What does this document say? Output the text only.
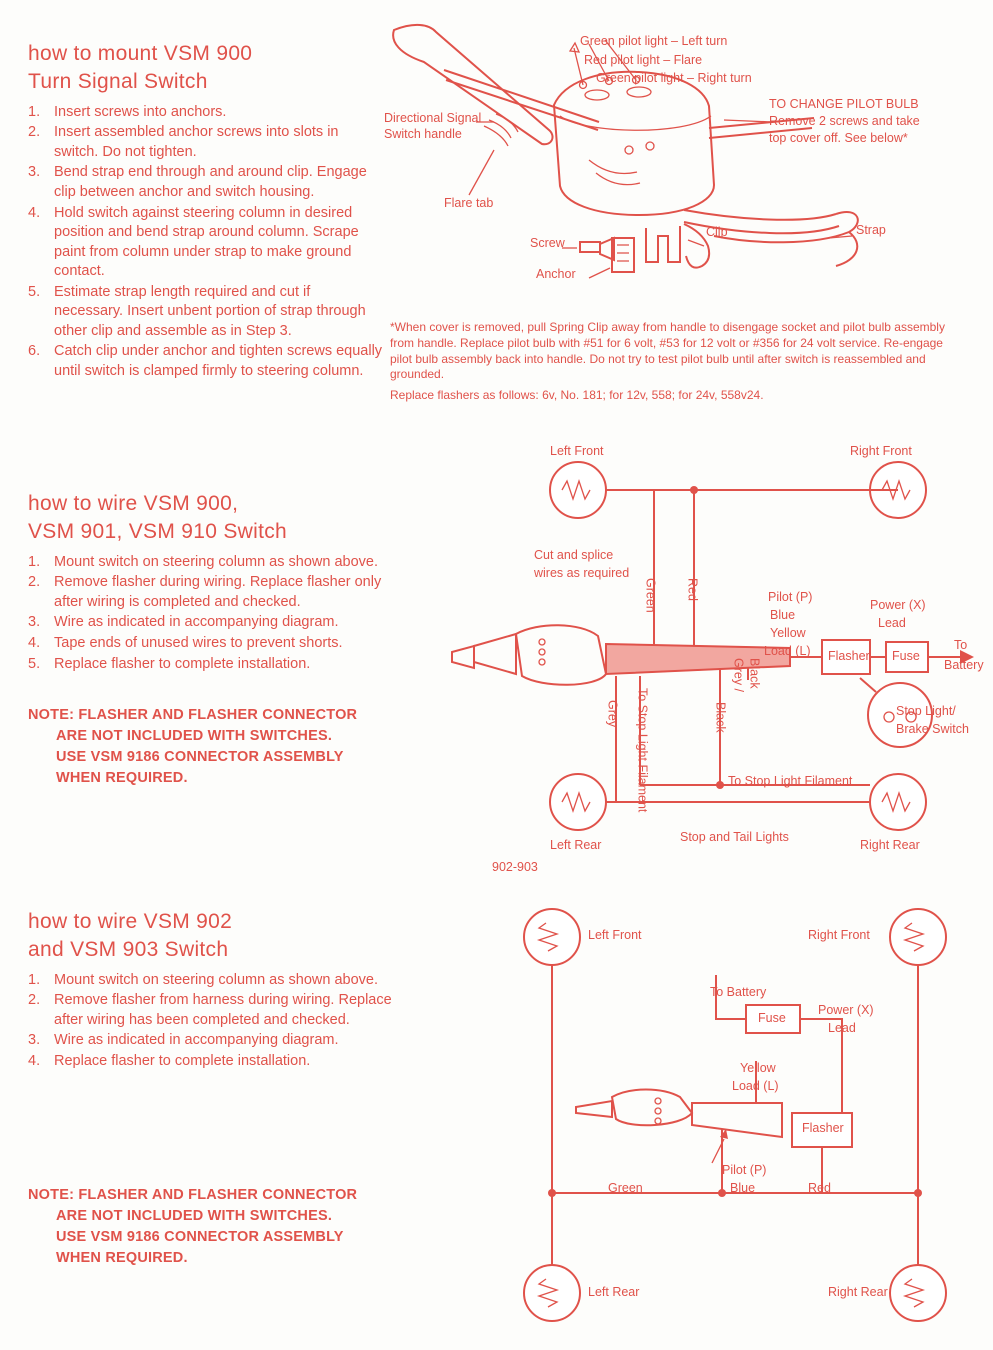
how to mount VSM 900
Turn Signal Switch
1. Insert screws into anchors.
2. Insert assembled anchor screws into slots in switch. Do not tighten.
3. Bend strap end through and around clip. Engage clip between anchor and switch housing.
4. Hold switch against steering column in desired position and bend strap around column. Scrape paint from column under strap to make ground contact.
5. Estimate strap length required and cut if necessary. Insert unbent portion of strap through other clip and assemble as in Step 3.
6. Catch clip under anchor and tighten screws equally until switch is clamped firmly to steering column.
how to wire VSM 900,
VSM 901, VSM 910 Switch
1. Mount switch on steering column as shown above.
2. Remove flasher during wiring. Replace flasher only after wiring is completed and checked.
3. Wire as indicated in accompanying diagram.
4. Tape ends of unused wires to prevent shorts.
5. Replace flasher to complete installation.
NOTE: FLASHER AND FLASHER CONNECTOR
ARE NOT INCLUDED WITH SWITCHES.
USE VSM 9186 CONNECTOR ASSEMBLY
WHEN REQUIRED.
how to wire VSM 902
and VSM 903 Switch
1. Mount switch on steering column as shown above.
2. Remove flasher from harness during wiring. Replace after wiring has been completed and checked.
3. Wire as indicated in accompanying diagram.
4. Replace flasher to complete installation.
NOTE: FLASHER AND FLASHER CONNECTOR
ARE NOT INCLUDED WITH SWITCHES.
USE VSM 9186 CONNECTOR ASSEMBLY
WHEN REQUIRED.
Green pilot light – Left turn
Red pilot light – Flare
Green pilot light – Right turn
Directional Signal
Switch handle
Flare tab
Screw
Anchor
Clip	Strap
TO CHANGE PILOT BULB
Remove 2 screws and take
top cover off. See below*
*When cover is removed, pull Spring Clip away from handle to disengage socket and pilot bulb assembly from handle. Replace pilot bulb with #51 for 6 volt, #53 for 12 volt or #356 for 24 volt service. Re-engage pilot bulb assembly back into handle. Do not try to test pilot bulb until after switch is reassembled and grounded.
Replace flashers as follows: 6v, No. 181; for 12v, 558; for 24v, 558v24.
Left Front	Right Front
Left Rear	Right Rear
Cut and splice
wires as required
Green Red
Grey To Stop Light Filament	Black
Grey / Black
Yellow
Load (L)
Blue
Pilot (P)
Flasher Fuse
Power (X)
Lead
To
Battery
Stop Light/
Brake Switch
To Stop Light Filament
Stop and Tail Lights
902-903
Left Front	Right Front
Left Rear	Right Rear
To Battery
Fuse
Power (X)
Lead
Yellow
Load (L)
Flasher
Pilot (P)
Blue
Green	Red
